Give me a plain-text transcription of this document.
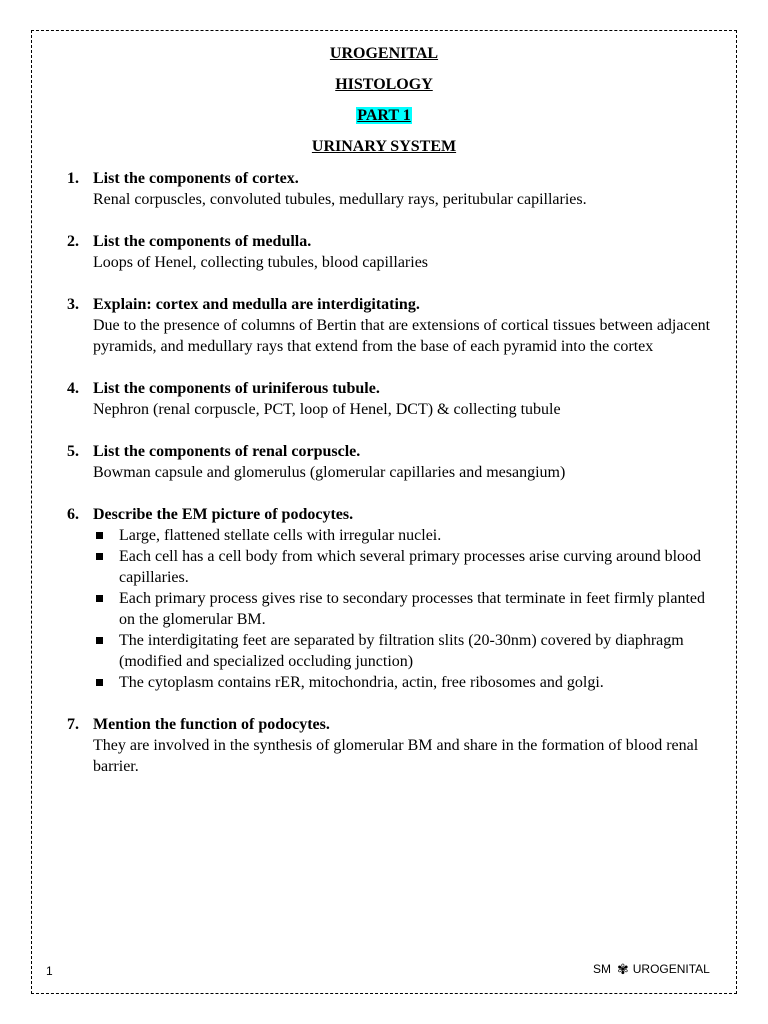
UROGENITAL
HISTOLOGY
PART 1
URINARY SYSTEM
1. List the components of cortex.
Renal corpuscles, convoluted tubules, medullary rays, peritubular capillaries.
2. List the components of medulla.
Loops of Henel, collecting tubules, blood capillaries
3. Explain: cortex and medulla are interdigitating.
Due to the presence of columns of Bertin that are extensions of cortical tissues between adjacent pyramids, and medullary rays that extend from the base of each pyramid into the cortex
4. List the components of uriniferous tubule.
Nephron (renal corpuscle, PCT, loop of Henel, DCT) & collecting tubule
5. List the components of renal corpuscle.
Bowman capsule and glomerulus (glomerular capillaries and mesangium)
6. Describe the EM picture of podocytes.
Large, flattened stellate cells with irregular nuclei.
Each cell has a cell body from which several primary processes arise curving around blood capillaries.
Each primary process gives rise to secondary processes that terminate in feet firmly planted on the glomerular BM.
The interdigitating feet are separated by filtration slits (20-30nm) covered by diaphragm (modified and specialized occluding junction)
The cytoplasm contains rER, mitochondria, actin, free ribosomes and golgi.
7. Mention the function of podocytes.
They are involved in the synthesis of glomerular BM and share in the formation of blood renal barrier.
1	SM ✾ UROGENITAL
